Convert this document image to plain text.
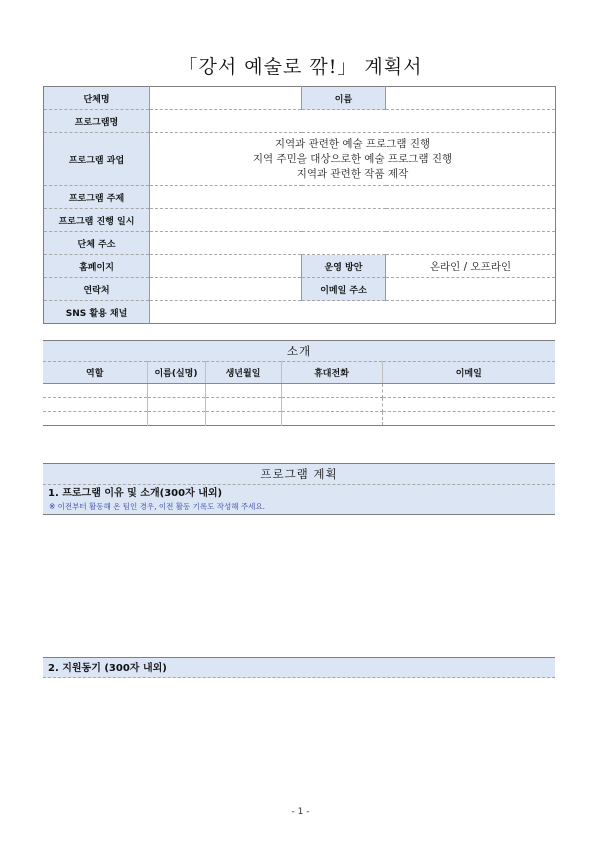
「강서 예술로 깎!」 계획서
단체명		이름	
프로그램명			
프로그램 과업	지역과 관련한 예술 프로그램 진행
지역 주민을 대상으로한 예술 프로그램 진행
지역과 관련한 작품 제작		

프로그램 주제			
프로그램 진행 일시			
단체 주소			
홈페이지		운영 방안	온라인 / 오프라인
연락처		이메일 주소	
SNS 활용 채널			
소개				
역할	이름(실명)	생년월일	휴대전화	이메일

프로그램 계획
1. 프로그램 이유 및 소개(300자 내외)
※ 이전부터 활동해 온 팀인 경우, 이전 활동 기록도 작성해 주세요.
2. 지원동기 (300자 내외)
- 1 -
